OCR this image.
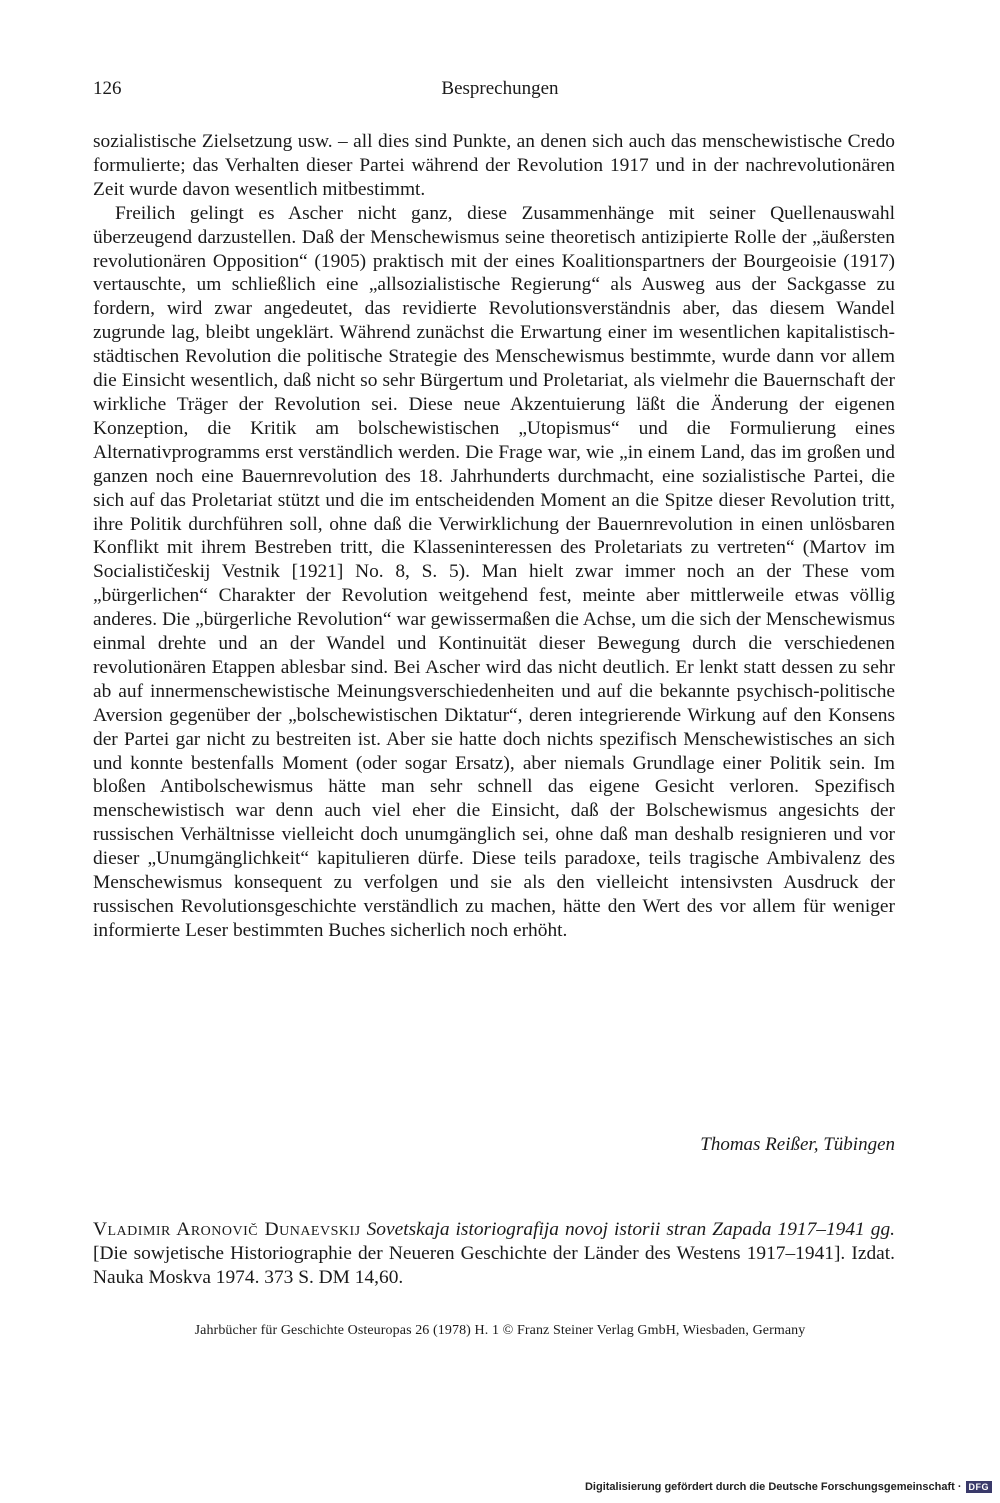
126	Besprechungen

sozialistische Zielsetzung usw. – all dies sind Punkte, an denen sich auch das menschewistische Credo formulierte; das Verhalten dieser Partei während der Revolution 1917 und in der nachrevolutionären Zeit wurde davon wesentlich mitbestimmt.

Freilich gelingt es Ascher nicht ganz, diese Zusammenhänge mit seiner Quellenauswahl überzeugend darzustellen. Daß der Menschewismus seine theoretisch antizipierte Rolle der „äußersten revolutionären Opposition“ (1905) praktisch mit der eines Koalitionspartners der Bourgeoisie (1917) vertauschte, um schließlich eine „allsozialistische Regierung“ als Ausweg aus der Sackgasse zu fordern, wird zwar angedeutet, das revidierte Revolutionsverständnis aber, das diesem Wandel zugrunde lag, bleibt ungeklärt. Während zunächst die Erwartung einer im wesentlichen kapitalistisch-städtischen Revolution die politische Strategie des Menschewismus bestimmte, wurde dann vor allem die Einsicht wesentlich, daß nicht so sehr Bürgertum und Proletariat, als vielmehr die Bauernschaft der wirkliche Träger der Revolution sei. Diese neue Akzentuierung läßt die Änderung der eigenen Konzeption, die Kritik am bolschewistischen „Utopismus“ und die Formulierung eines Alternativprogramms erst verständlich werden. Die Frage war, wie „in einem Land, das im großen und ganzen noch eine Bauernrevolution des 18. Jahrhunderts durchmacht, eine sozialistische Partei, die sich auf das Proletariat stützt und die im entscheidenden Moment an die Spitze dieser Revolution tritt, ihre Politik durchführen soll, ohne daß die Verwirklichung der Bauernrevolution in einen unlösbaren Konflikt mit ihrem Bestreben tritt, die Klasseninteressen des Proletariats zu vertreten“ (Martov im Socialističeskij Vestnik [1921] No. 8, S. 5). Man hielt zwar immer noch an der These vom „bürgerlichen“ Charakter der Revolution weitgehend fest, meinte aber mittlerweile etwas völlig anderes. Die „bürgerliche Revolution“ war gewissermaßen die Achse, um die sich der Menschewismus einmal drehte und an der Wandel und Kontinuität dieser Bewegung durch die verschiedenen revolutionären Etappen ablesbar sind. Bei Ascher wird das nicht deutlich. Er lenkt statt dessen zu sehr ab auf innermenschewistische Meinungsverschiedenheiten und auf die bekannte psychisch-politische Aversion gegenüber der „bolschewistischen Diktatur“, deren integrierende Wirkung auf den Konsens der Partei gar nicht zu bestreiten ist. Aber sie hatte doch nichts spezifisch Menschewistisches an sich und konnte bestenfalls Moment (oder sogar Ersatz), aber niemals Grundlage einer Politik sein. Im bloßen Antibolschewismus hätte man sehr schnell das eigene Gesicht verloren. Spezifisch menschewistisch war denn auch viel eher die Einsicht, daß der Bolschewismus angesichts der russischen Verhältnisse vielleicht doch unumgänglich sei, ohne daß man deshalb resignieren und vor dieser „Unumgänglichkeit“ kapitulieren dürfe. Diese teils paradoxe, teils tragische Ambivalenz des Menschewismus konsequent zu verfolgen und sie als den vielleicht intensivsten Ausdruck der russischen Revolutionsgeschichte verständlich zu machen, hätte den Wert des vor allem für weniger informierte Leser bestimmten Buches sicherlich noch erhöht.

Thomas Reißer, Tübingen
Vladimir Aronovič Dunaevskij Sovetskaja istoriografija novoj istorii stran Zapada 1917–1941 gg. [Die sowjetische Historiographie der Neueren Geschichte der Länder des Westens 1917–1941]. Izdat. Nauka Moskva 1974. 373 S. DM 14,60.
Jahrbücher für Geschichte Osteuropas 26 (1978) H. 1 © Franz Steiner Verlag GmbH, Wiesbaden, Germany
Digitalisierung gefördert durch die Deutsche Forschungsgemeinschaft · DFG
